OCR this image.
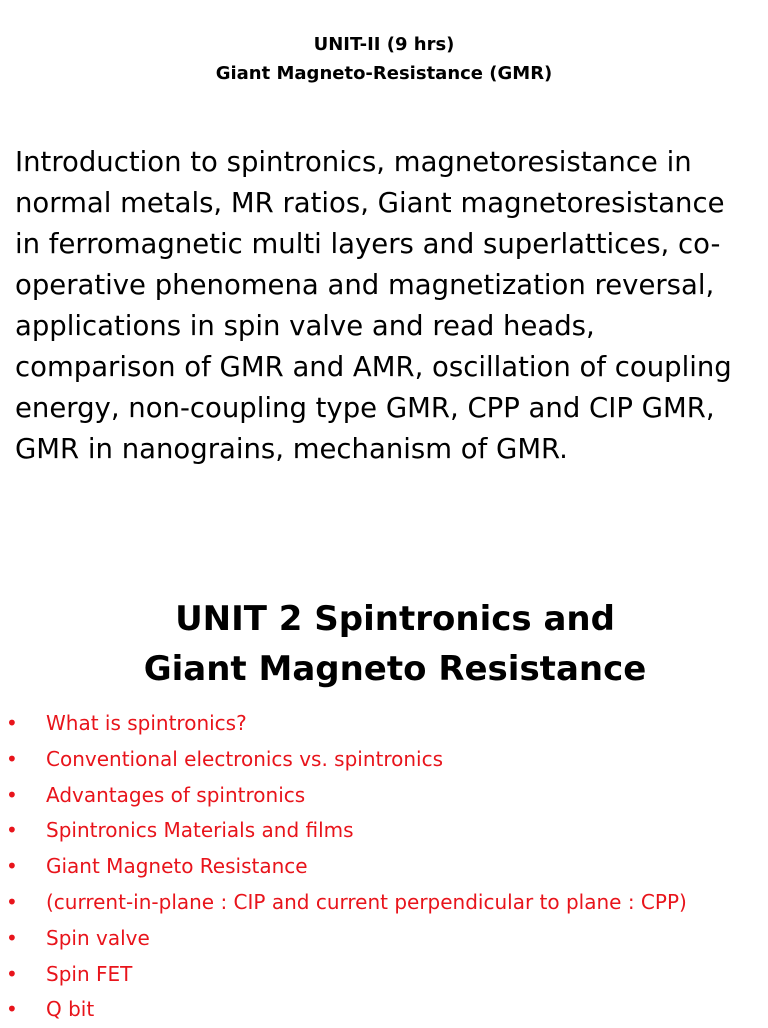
UNIT-II (9 hrs)
Giant Magneto-Resistance (GMR)
Introduction to spintronics, magnetoresistance in
normal metals, MR ratios, Giant magnetoresistance
in ferromagnetic multi layers and superlattices, co-
operative phenomena and magnetization reversal,
applications in spin valve and read heads,
comparison of GMR and AMR, oscillation of coupling
energy, non-coupling type GMR, CPP and CIP GMR,
GMR in nanograins, mechanism of GMR.
UNIT 2 Spintronics and
Giant Magneto Resistance
• What is spintronics?
• Conventional electronics vs. spintronics
• Advantages of spintronics
• Spintronics Materials and films
• Giant Magneto Resistance
• (current-in-plane : CIP and current perpendicular to plane : CPP)
• Spin valve
• Spin FET
• Q bit
